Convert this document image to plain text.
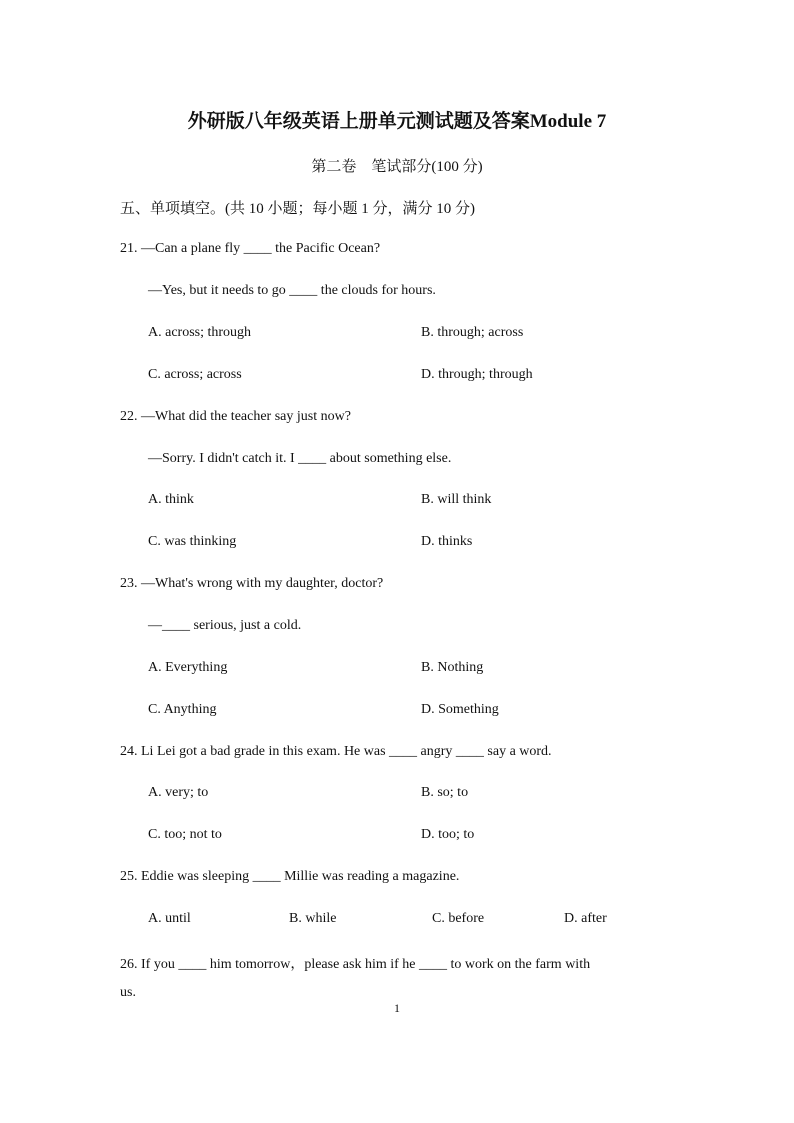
外研版八年级英语上册单元测试题及答案Module 7
第二卷　笔试部分(100 分)
五、单项填空。(共 10 小题；每小题 1 分，满分 10 分)
21. —Can a plane fly ____ the Pacific Ocean?
—Yes, but it needs to go ____ the clouds for hours.
A. across; through	B. through; across
C. across; across	D. through; through
22. —What did the teacher say just now?
—Sorry. I didn't catch it. I ____ about something else.
A. think	B. will think
C. was thinking	D. thinks
23. —What's wrong with my daughter, doctor?
—____ serious, just a cold.
A. Everything	B. Nothing
C. Anything	D. Something
24. Li Lei got a bad grade in this exam. He was ____ angry ____ say a word.
A. very; to	B. so; to
C. too; not to	D. too; to
25. Eddie was sleeping ____ Millie was reading a magazine.
A. until	B. while	C. before	D. after
26. If you ____ him tomorrow，please ask him if he ____ to work on the farm with
us.
1
